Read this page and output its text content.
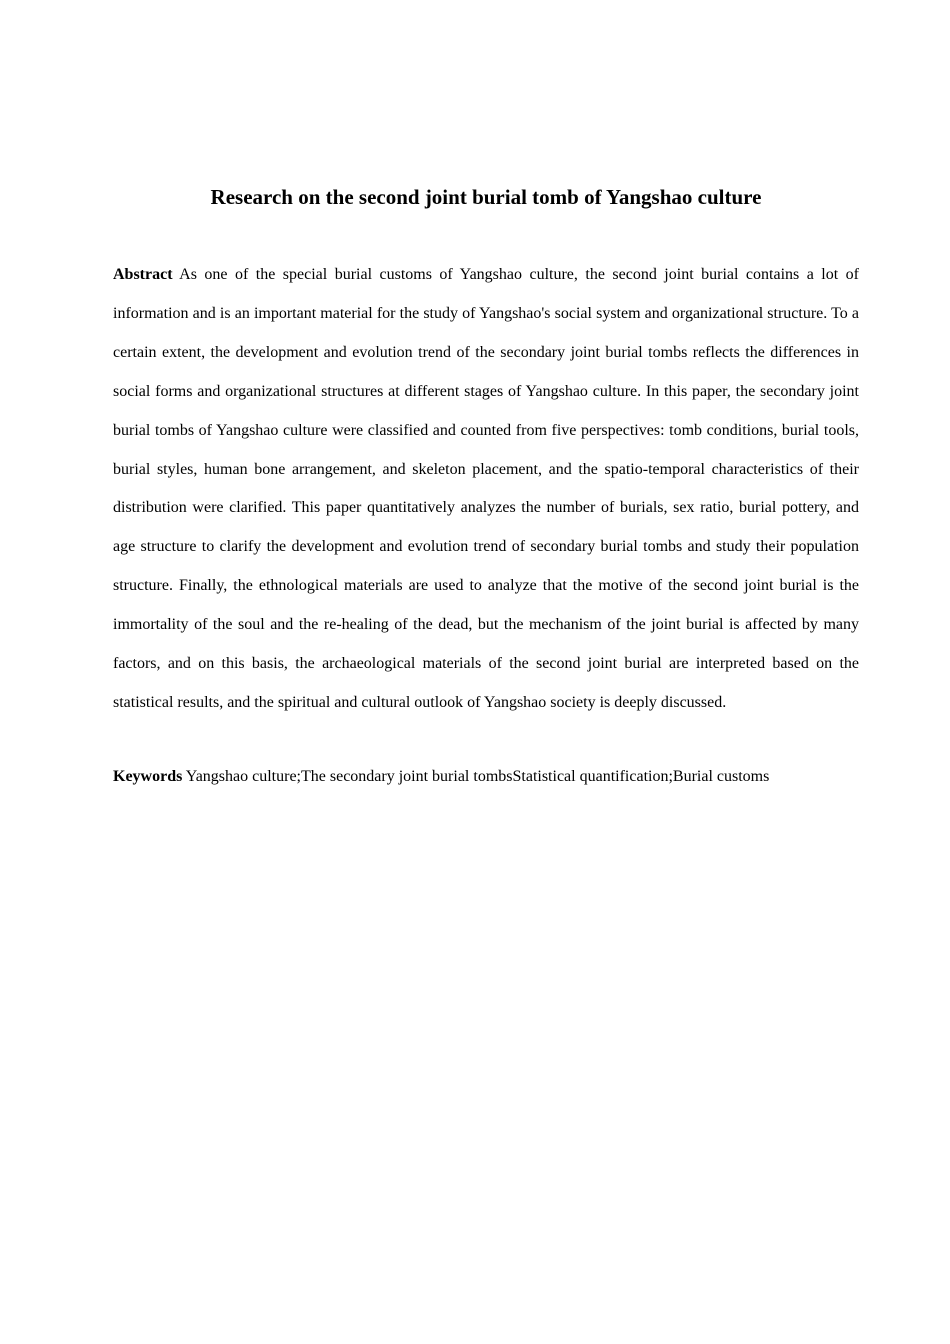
Research on the second joint burial tomb of Yangshao culture

Abstract As one of the special burial customs of Yangshao culture, the second joint burial contains a lot of information and is an important material for the study of Yangshao's social system and organizational structure. To a certain extent, the development and evolution trend of the secondary joint burial tombs reflects the differences in social forms and organizational structures at different stages of Yangshao culture. In this paper, the secondary joint burial tombs of Yangshao culture were classified and counted from five perspectives: tomb conditions, burial tools, burial styles, human bone arrangement, and skeleton placement, and the spatio-temporal characteristics of their distribution were clarified. This paper quantitatively analyzes the number of burials, sex ratio, burial pottery, and age structure to clarify the development and evolution trend of secondary burial tombs and study their population structure. Finally, the ethnological materials are used to analyze that the motive of the second joint burial is the immortality of the soul and the re-healing of the dead, but the mechanism of the joint burial is affected by many factors, and on this basis, the archaeological materials of the second joint burial are interpreted based on the statistical results, and the spiritual and cultural outlook of Yangshao society is deeply discussed.

Keywords Yangshao culture;The secondary joint burial tombsStatistical quantification;Burial customs
